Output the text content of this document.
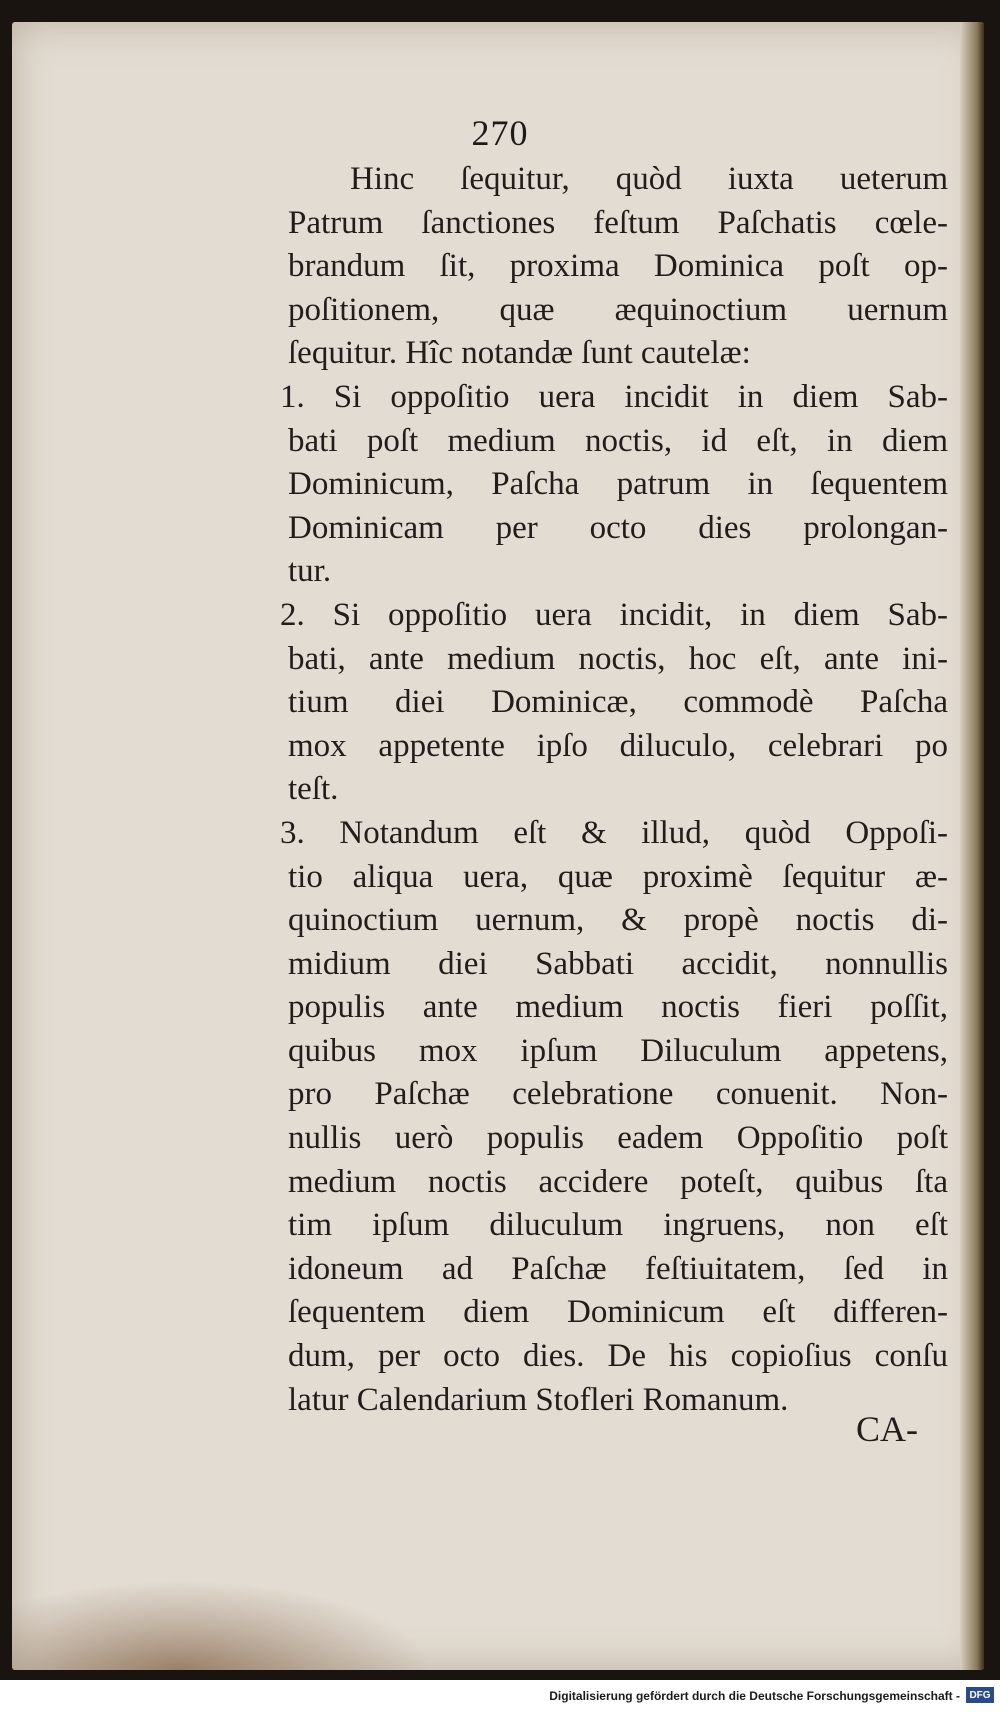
270
Hinc ſequitur, quòd iuxta ueterum
Patrum ſanctiones feſtum Paſchatis cœle-
brandum ſit, proxima Dominica poſt op-
poſitionem, quæ æquinoctium uernum
ſequitur. Hîc notandæ ſunt cautelæ:
1. Si oppoſitio uera incidit in diem Sab-
bati poſt medium noctis, id eſt, in diem
Dominicum, Paſcha patrum in ſequentem
Dominicam per octo dies prolongan-
tur.
2. Si oppoſitio uera incidit, in diem Sab-
bati, ante medium noctis, hoc eſt, ante ini-
tium diei Dominicæ, commodè Paſcha
mox appetente ipſo diluculo, celebrari po
teſt.
3. Notandum eſt & illud, quòd Oppoſi-
tio aliqua uera, quæ proximè ſequitur æ-
quinoctium uernum, & propè noctis di-
midium diei Sabbati accidit, nonnullis
populis ante medium noctis fieri poſſit,
quibus mox ipſum Diluculum appetens,
pro Paſchæ celebratione conuenit. Non-
nullis uerò populis eadem Oppoſitio poſt
medium noctis accidere poteſt, quibus ſta
tim ipſum diluculum ingruens, non eſt
idoneum ad Paſchæ feſtiuitatem, ſed in
ſequentem diem Dominicum eſt differen-
dum, per octo dies. De his copioſius conſu
latur Calendarium Stofleri Romanum.
CA-
Digitalisierung gefördert durch die Deutsche Forschungsgemeinschaft - DFG
